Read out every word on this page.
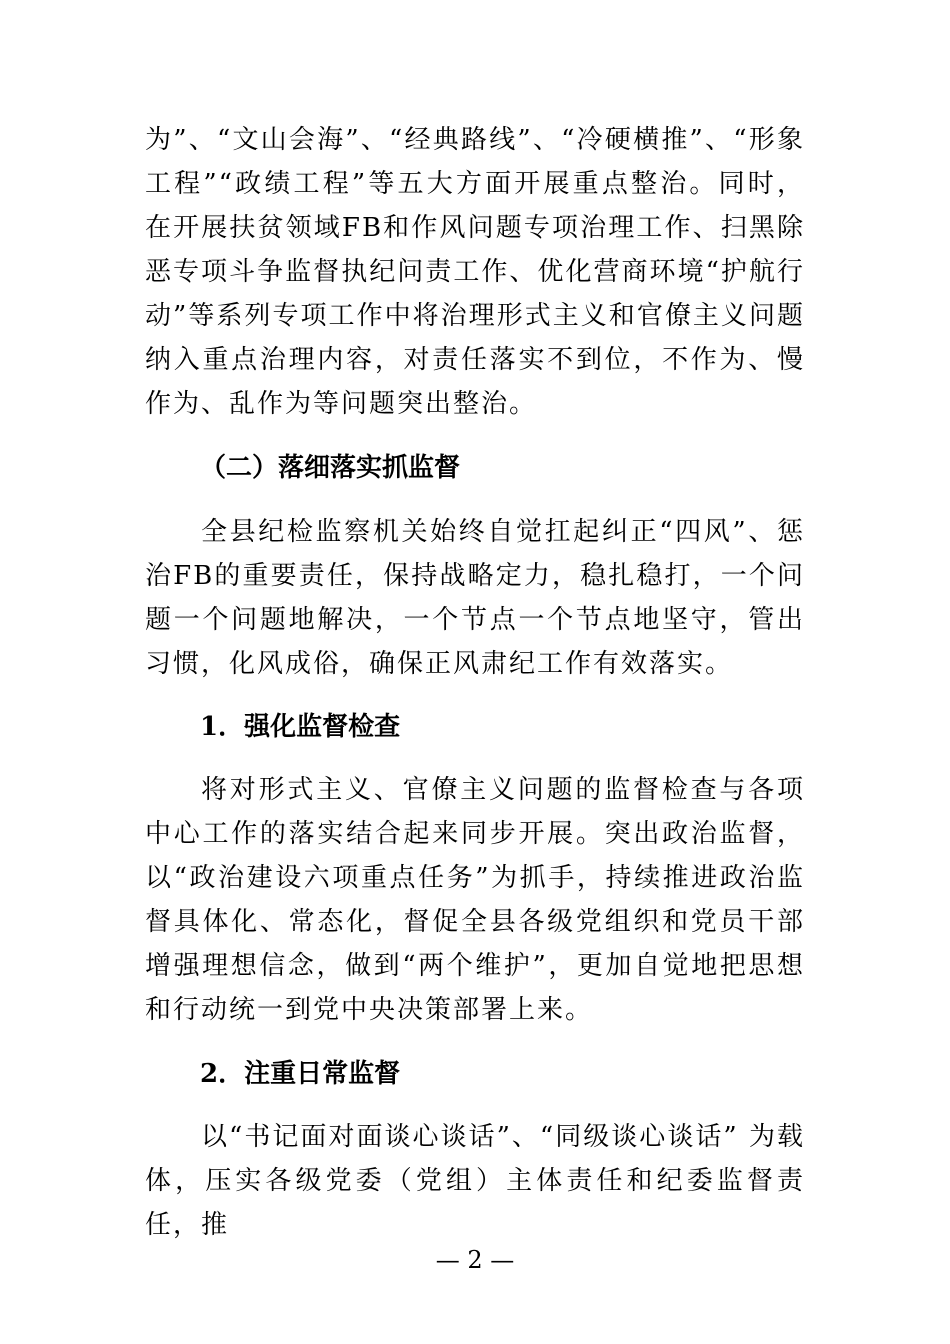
为”、“文山会海”、“经典路线”、“冷硬横推”、“形象工程”“政绩工程”等五大方面开展重点整治。同时，在开展扶贫领域FB和作风问题专项治理工作、扫黑除恶专项斗争监督执纪问责工作、优化营商环境“护航行动”等系列专项工作中将治理形式主义和官僚主义问题纳入重点治理内容，对责任落实不到位，不作为、慢作为、乱作为等问题突出整治。

（二）落细落实抓监督

全县纪检监察机关始终自觉扛起纠正“四风”、惩治FB的重要责任，保持战略定力，稳扎稳打，一个问题一个问题地解决，一个节点一个节点地坚守，管出习惯，化风成俗，确保正风肃纪工作有效落实。

1．强化监督检查

将对形式主义、官僚主义问题的监督检查与各项中心工作的落实结合起来同步开展。突出政治监督，以“政治建设六项重点任务”为抓手，持续推进政治监督具体化、常态化，督促全县各级党组织和党员干部增强理想信念，做到“两个维护”，更加自觉地把思想和行动统一到党中央决策部署上来。

2．注重日常监督

以“书记面对面谈心谈话”、“同级谈心谈话” 为载体，压实各级党委（党组）主体责任和纪委监督责任，推

— 2 —
